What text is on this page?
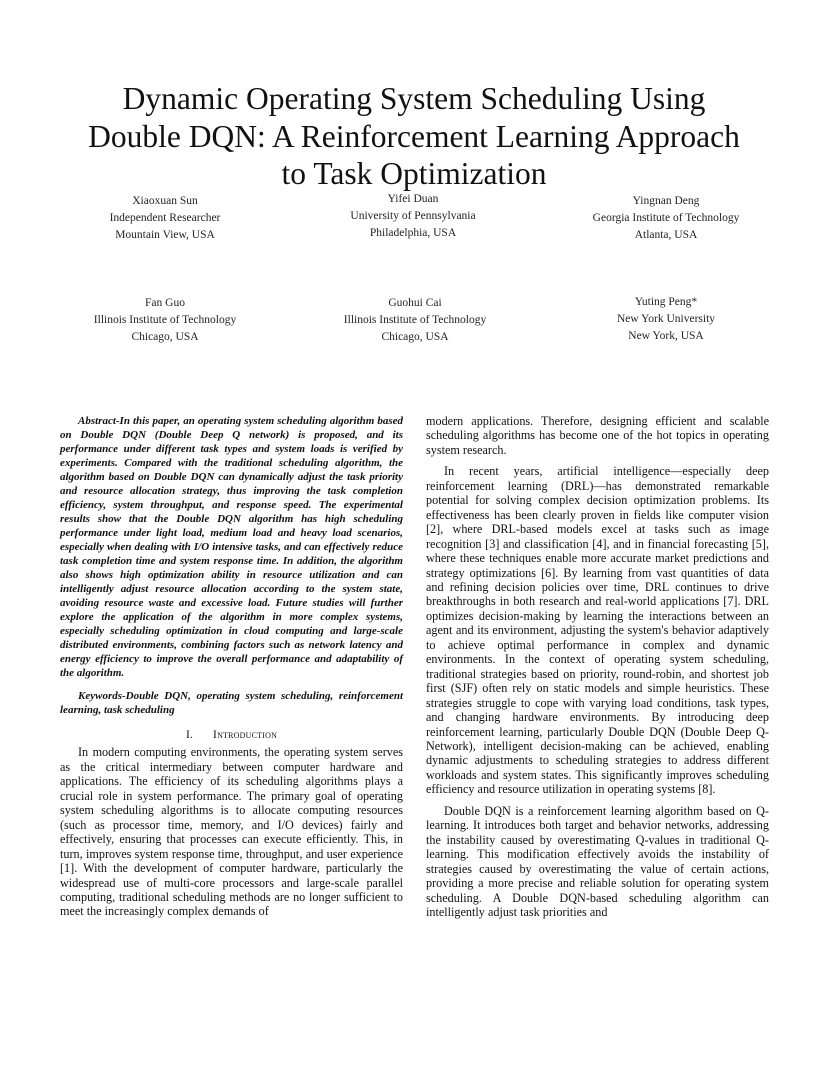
Dynamic Operating System Scheduling Using
Double DQN: A Reinforcement Learning Approach
to Task Optimization
Xiaoxuan Sun
Independent Researcher
Mountain View, USA
Yifei Duan
University of Pennsylvania
Philadelphia, USA
Yingnan Deng
Georgia Institute of Technology
Atlanta, USA
Fan Guo
Illinois Institute of Technology
Chicago, USA
Guohui Cai
Illinois Institute of Technology
Chicago, USA
Yuting Peng*
New York University
New York, USA

Abstract-In this paper, an operating system scheduling algorithm based on Double DQN (Double Deep Q network) is proposed, and its performance under different task types and system loads is verified by experiments. Compared with the traditional scheduling algorithm, the algorithm based on Double DQN can dynamically adjust the task priority and resource allocation strategy, thus improving the task completion efficiency, system throughput, and response speed. The experimental results show that the Double DQN algorithm has high scheduling performance under light load, medium load and heavy load scenarios, especially when dealing with I/O intensive tasks, and can effectively reduce task completion time and system response time. In addition, the algorithm also shows high optimization ability in resource utilization and can intelligently adjust resource allocation according to the system state, avoiding resource waste and excessive load. Future studies will further explore the application of the algorithm in more complex systems, especially scheduling optimization in cloud computing and large-scale distributed environments, combining factors such as network latency and energy efficiency to improve the overall performance and adaptability of the algorithm.

Keywords-Double DQN, operating system scheduling, reinforcement learning, task scheduling

I. Introduction

In modern computing environments, the operating system serves as the critical intermediary between computer hardware and applications. The efficiency of its scheduling algorithms plays a crucial role in system performance. The primary goal of operating system scheduling algorithms is to allocate computing resources (such as processor time, memory, and I/O devices) fairly and effectively, ensuring that processes can execute efficiently. This, in turn, improves system response time, throughput, and user experience [1]. With the development of computer hardware, particularly the widespread use of multi-core processors and large-scale parallel computing, traditional scheduling methods are no longer sufficient to meet the increasingly complex demands of

modern applications. Therefore, designing efficient and scalable scheduling algorithms has become one of the hot topics in operating system research.

In recent years, artificial intelligence—especially deep reinforcement learning (DRL)—has demonstrated remarkable potential for solving complex decision optimization problems. Its effectiveness has been clearly proven in fields like computer vision [2], where DRL-based models excel at tasks such as image recognition [3] and classification [4], and in financial forecasting [5], where these techniques enable more accurate market predictions and strategy optimizations [6]. By learning from vast quantities of data and refining decision policies over time, DRL continues to drive breakthroughs in both research and real-world applications [7]. DRL optimizes decision-making by learning the interactions between an agent and its environment, adjusting the system's behavior adaptively to achieve optimal performance in complex and dynamic environments. In the context of operating system scheduling, traditional strategies based on priority, round-robin, and shortest job first (SJF) often rely on static models and simple heuristics. These strategies struggle to cope with varying load conditions, task types, and changing hardware environments. By introducing deep reinforcement learning, particularly Double DQN (Double Deep Q-Network), intelligent decision-making can be achieved, enabling dynamic adjustments to scheduling strategies to address different workloads and system states. This significantly improves scheduling efficiency and resource utilization in operating systems [8].

Double DQN is a reinforcement learning algorithm based on Q-learning. It introduces both target and behavior networks, addressing the instability caused by overestimating Q-values in traditional Q-learning. This modification effectively avoids the instability of strategies caused by overestimating the value of certain actions, providing a more precise and reliable solution for operating system scheduling. A Double DQN-based scheduling algorithm can intelligently adjust task priorities and
